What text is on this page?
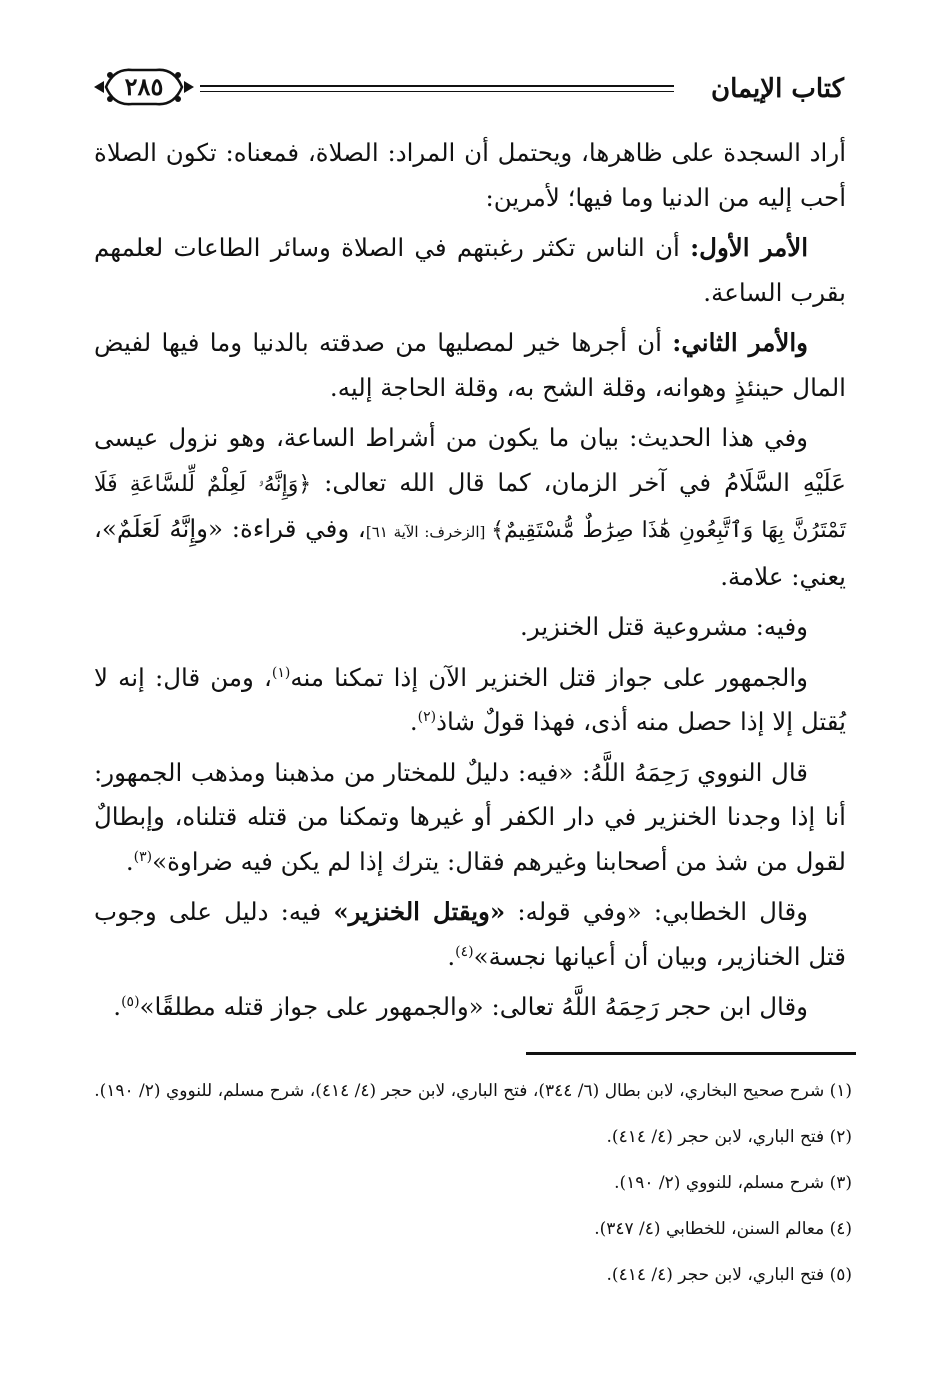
٢٨٥	كتاب الإيمان

أراد السجدة على ظاهرها، ويحتمل أن المراد: الصلاة، فمعناه: تكون الصلاة أحب إليه من الدنيا وما فيها؛ لأمرين:

الأمر الأول: أن الناس تكثر رغبتهم في الصلاة وسائر الطاعات لعلمهم بقرب الساعة.

والأمر الثاني: أن أجرها خير لمصليها من صدقته بالدنيا وما فيها لفيض المال حينئذٍ وهوانه، وقلة الشح به، وقلة الحاجة إليه.

وفي هذا الحديث: بيان ما يكون من أشراط الساعة، وهو نزول عيسى عَلَيْهِ السَّلَامُ في آخر الزمان، كما قال الله تعالى: ﴿وَإِنَّهُۥ لَعِلْمٌ لِّلسَّاعَةِ فَلَا تَمْتَرُنَّ بِهَا وَٱتَّبِعُونِ هَٰذَا صِرَٰطٌ مُّسْتَقِيمٌ﴾ [الزخرف: الآية ٦١]، وفي قراءة: «وإِنَّهُ لَعَلَمٌ»، يعني: علامة.

وفيه: مشروعية قتل الخنزير.

والجمهور على جواز قتل الخنزير الآن إذا تمكنا منه$^{(١)}$، ومن قال: إنه لا يُقتل إلا إذا حصل منه أذى، فهذا قولٌ شاذ$^{(٢)}$.

قال النووي رَحِمَهُ اللَّهُ: «فيه: دليلٌ للمختار من مذهبنا ومذهب الجمهور: أنا إذا وجدنا الخنزير في دار الكفر أو غيرها وتمكنا من قتله قتلناه، وإبطالٌ لقول من شذ من أصحابنا وغيرهم فقال: يترك إذا لم يكن فيه ضراوة»$^{(٣)}$.

وقال الخطابي: «وفي قوله: «ويقتل الخنزير» فيه: دليل على وجوب قتل الخنازير، وبيان أن أعيانها نجسة»$^{(٤)}$.

وقال ابن حجر رَحِمَهُ اللَّهُ تعالى: «والجمهور على جواز قتله مطلقًا»$^{(٥)}$.

(١) شرح صحيح البخاري، لابن بطال (٦/ ٣٤٤)، فتح الباري، لابن حجر (٤/ ٤١٤)، شرح مسلم، للنووي (٢/ ١٩٠).

(٢) فتح الباري، لابن حجر (٤/ ٤١٤).

(٣) شرح مسلم، للنووي (٢/ ١٩٠).

(٤) معالم السنن، للخطابي (٤/ ٣٤٧).

(٥) فتح الباري، لابن حجر (٤/ ٤١٤).
